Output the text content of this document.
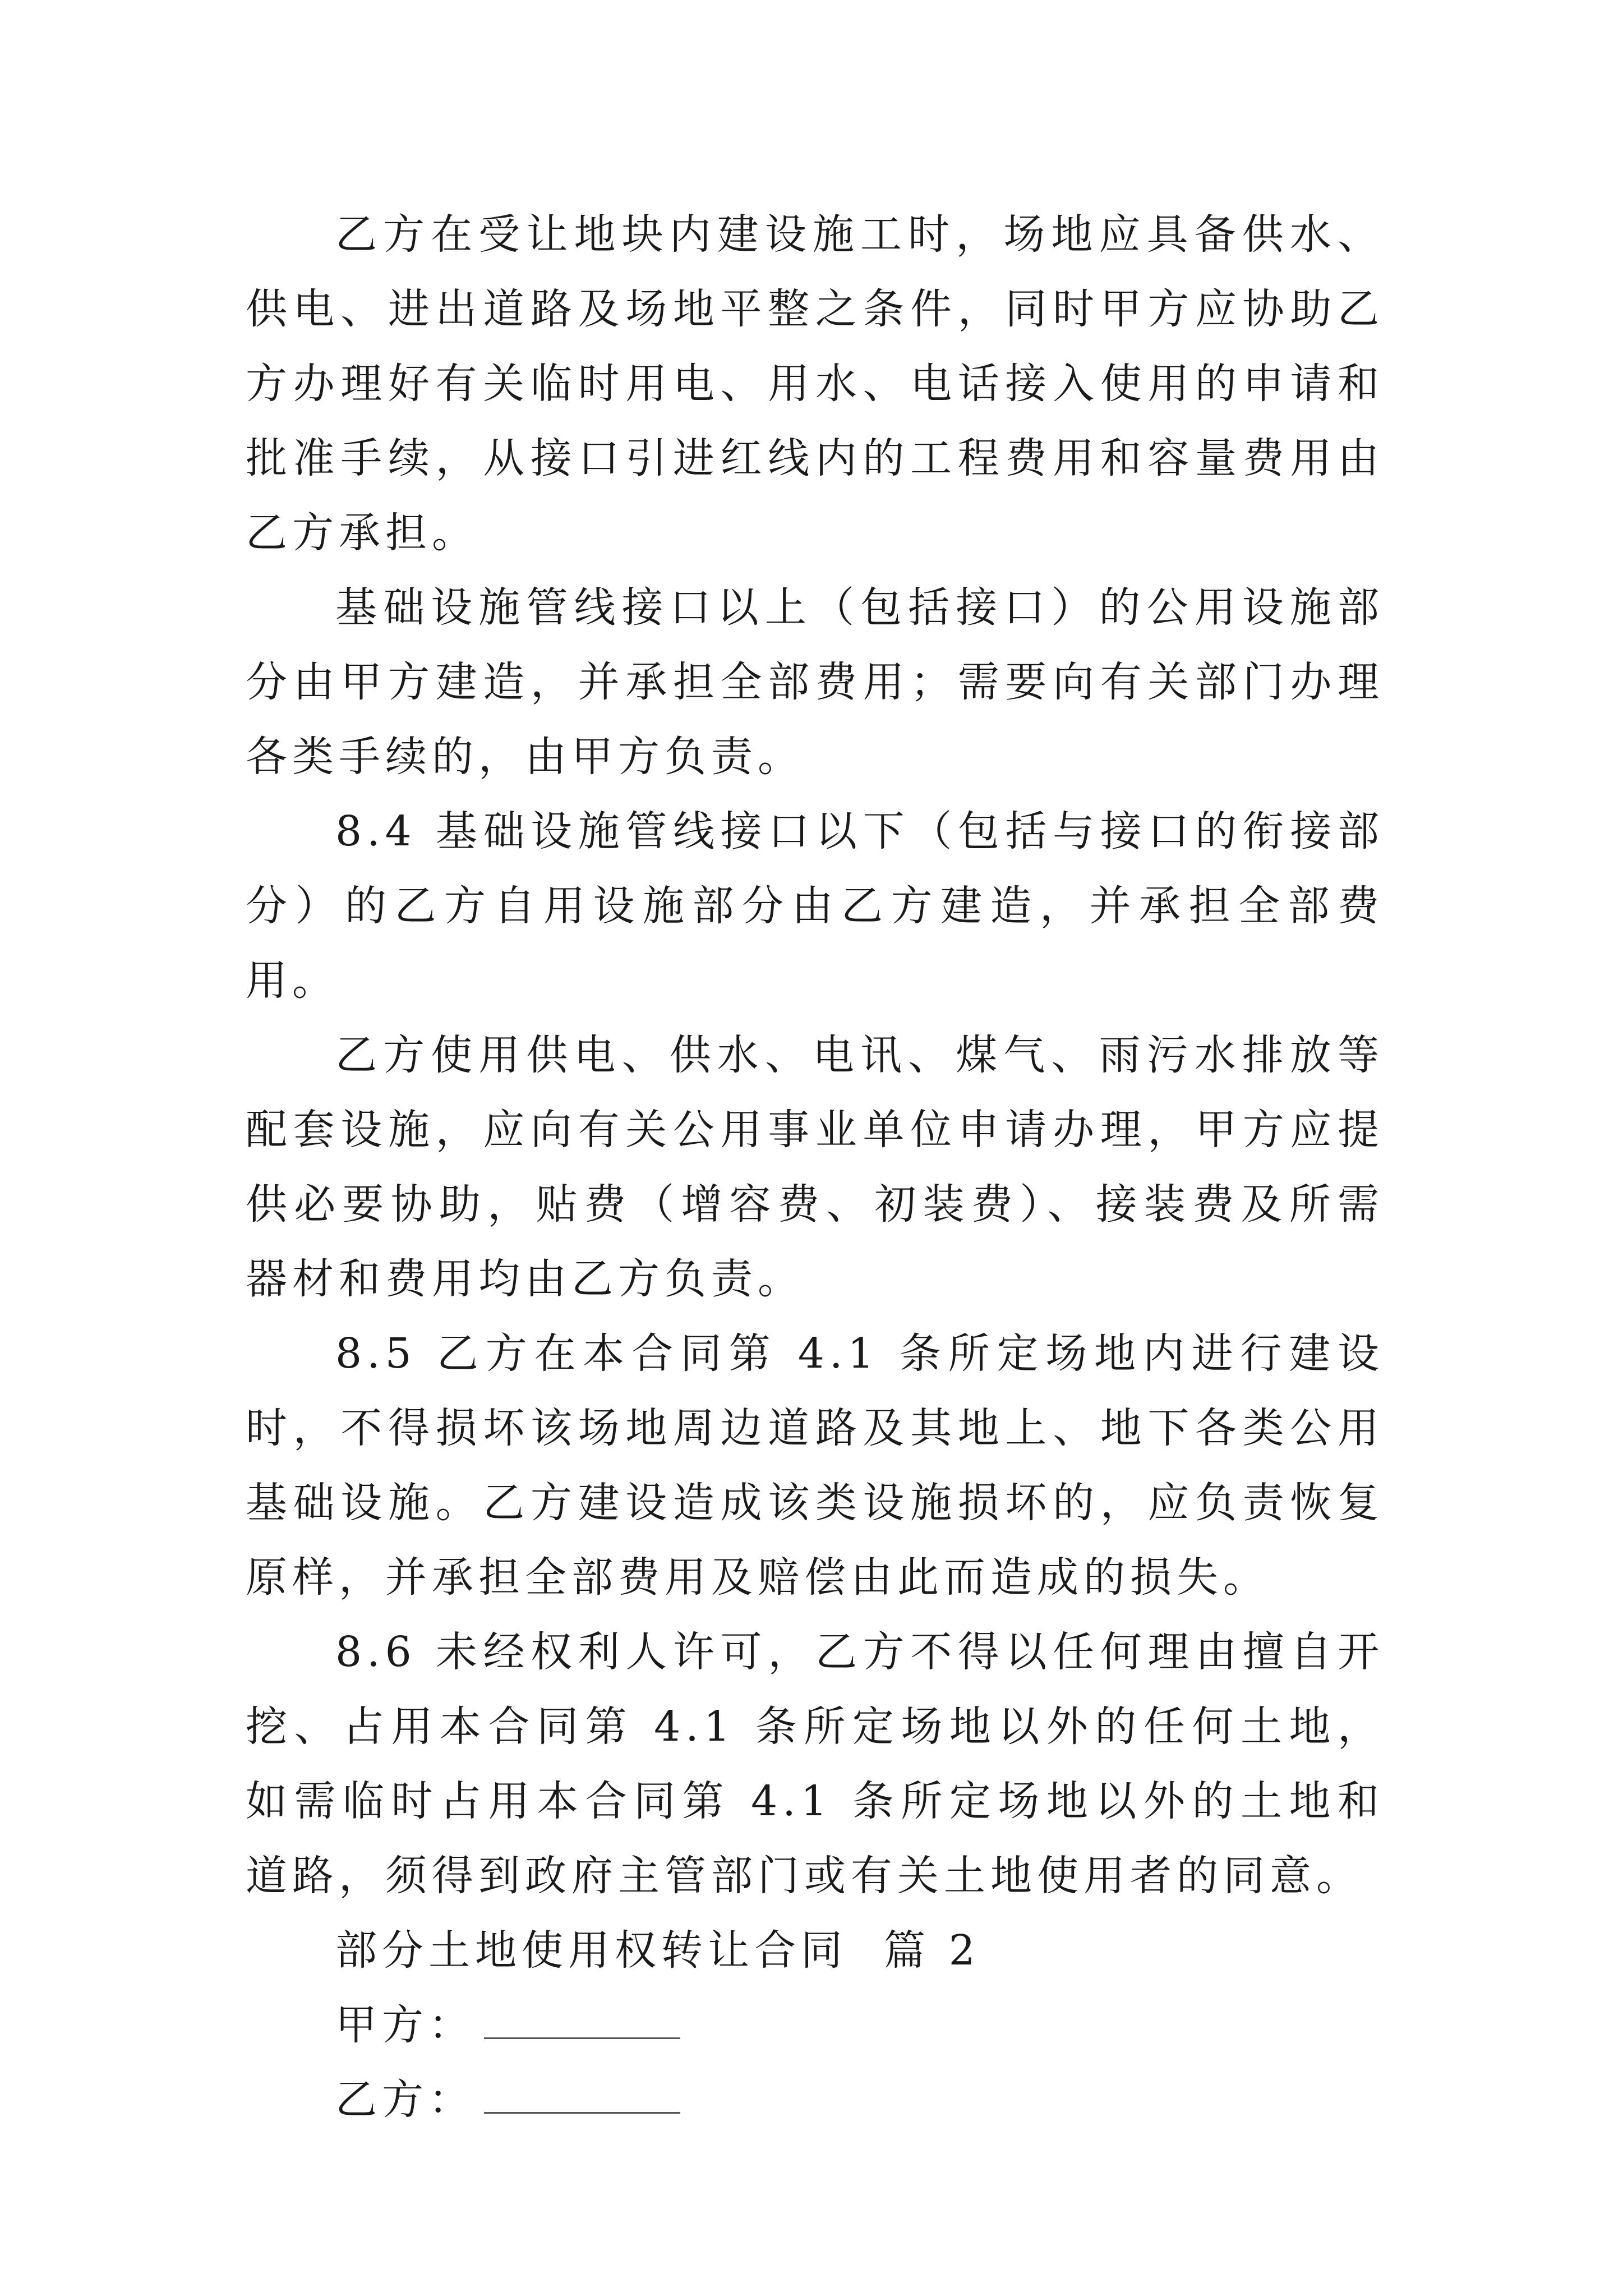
乙方在受让地块内建设施工时，场地应具备供水、供电、进出道路及场地平整之条件，同时甲方应协助乙方办理好有关临时用电、用水、电话接入使用的申请和批准手续，从接口引进红线内的工程费用和容量费用由乙方承担。

基础设施管线接口以上（包括接口）的公用设施部分由甲方建造，并承担全部费用；需要向有关部门办理各类手续的，由甲方负责。

8.4 基础设施管线接口以下（包括与接口的衔接部分）的乙方自用设施部分由乙方建造，并承担全部费用。

乙方使用供电、供水、电讯、煤气、雨污水排放等配套设施，应向有关公用事业单位申请办理，甲方应提供必要协助，贴费（增容费、初装费）、接装费及所需器材和费用均由乙方负责。

8.5 乙方在本合同第 4.1 条所定场地内进行建设时，不得损坏该场地周边道路及其地上、地下各类公用基础设施。乙方建设造成该类设施损坏的，应负责恢复原样，并承担全部费用及赔偿由此而造成的损失。

8.6 未经权利人许可，乙方不得以任何理由擅自开挖、占用本合同第 4.1 条所定场地以外的任何土地，如需临时占用本合同第 4.1 条所定场地以外的土地和道路，须得到政府主管部门或有关土地使用者的同意。

部分土地使用权转让合同  篇 2

甲方：

乙方：
